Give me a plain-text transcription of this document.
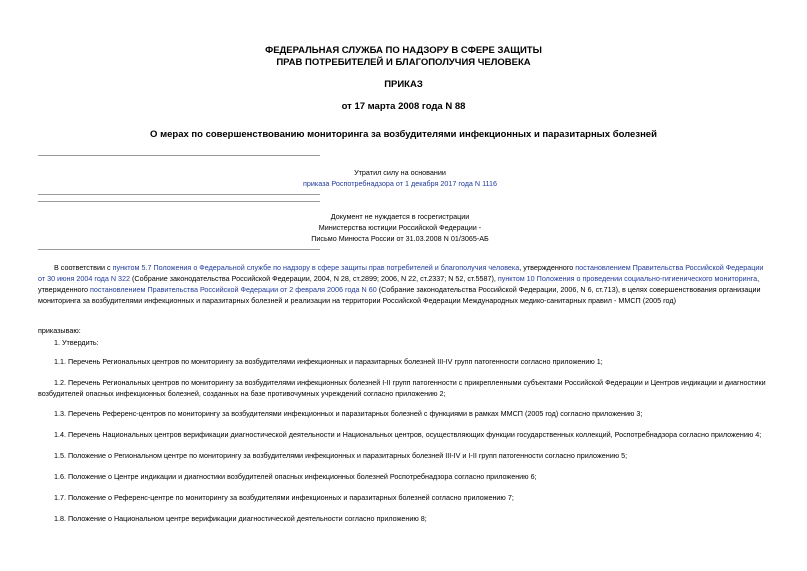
ФЕДЕРАЛЬНАЯ СЛУЖБА ПО НАДЗОРУ В СФЕРЕ ЗАЩИТЫ
ПРАВ ПОТРЕБИТЕЛЕЙ И БЛАГОПОЛУЧИЯ ЧЕЛОВЕКА
ПРИКАЗ
от 17 марта 2008 года N 88
О мерах по совершенствованию мониторинга за возбудителями инфекционных и паразитарных болезней
Утратил силу на основании
приказа Роспотребнадзора от 1 декабря 2017 года N 1116
Документ не нуждается в госрегистрации
Министерства юстиции Российской Федерации -
Письмо Минюста России от 31.03.2008 N 01/3065-АБ
В соответствии с пунктом 5.7 Положения о Федеральной службе по надзору в сфере защиты прав потребителей и благополучия человека, утвержденного постановлением Правительства Российской Федерации от 30 июня 2004 года N 322 (Собрание законодательства Российской Федерации, 2004, N 28, ст.2899; 2006, N 22, ст.2337; N 52, ст.5587), пунктом 10 Положения о проведении социально-гигиенического мониторинга, утвержденного постановлением Правительства Российской Федерации от 2 февраля 2006 года N 60 (Собрание законодательства Российской Федерации, 2006, N 6, ст.713), в целях совершенствования организации мониторинга за возбудителями инфекционных и паразитарных болезней и реализации на территории Российской Федерации Международных медико-санитарных правил - ММСП (2005 год)
приказываю:
1. Утвердить:
1.1. Перечень Региональных центров по мониторингу за возбудителями инфекционных и паразитарных болезней III-IV групп патогенности согласно приложению 1;
1.2. Перечень Региональных центров по мониторингу за возбудителями инфекционных болезней I-II групп патогенности с прикрепленными субъектами Российской Федерации и Центров индикации и диагностики возбудителей опасных инфекционных болезней, созданных на базе противочумных учреждений согласно приложению 2;
1.3. Перечень Референс-центров по мониторингу за возбудителями инфекционных и паразитарных болезней с функциями в рамках ММСП (2005 год) согласно приложению 3;
1.4. Перечень Национальных центров верификации диагностической деятельности и Национальных центров, осуществляющих функции государственных коллекций, Роспотребнадзора согласно приложению 4;
1.5. Положение о Региональном центре по мониторингу за возбудителями инфекционных и паразитарных болезней III-IV и I-II групп патогенности согласно приложению 5;
1.6. Положение о Центре индикации и диагностики возбудителей опасных инфекционных болезней Роспотребнадзора согласно приложению 6;
1.7. Положение о Референс-центре по мониторингу за возбудителями инфекционных и паразитарных болезней согласно приложению 7;
1.8. Положение о Национальном центре верификации диагностической деятельности согласно приложению 8;
